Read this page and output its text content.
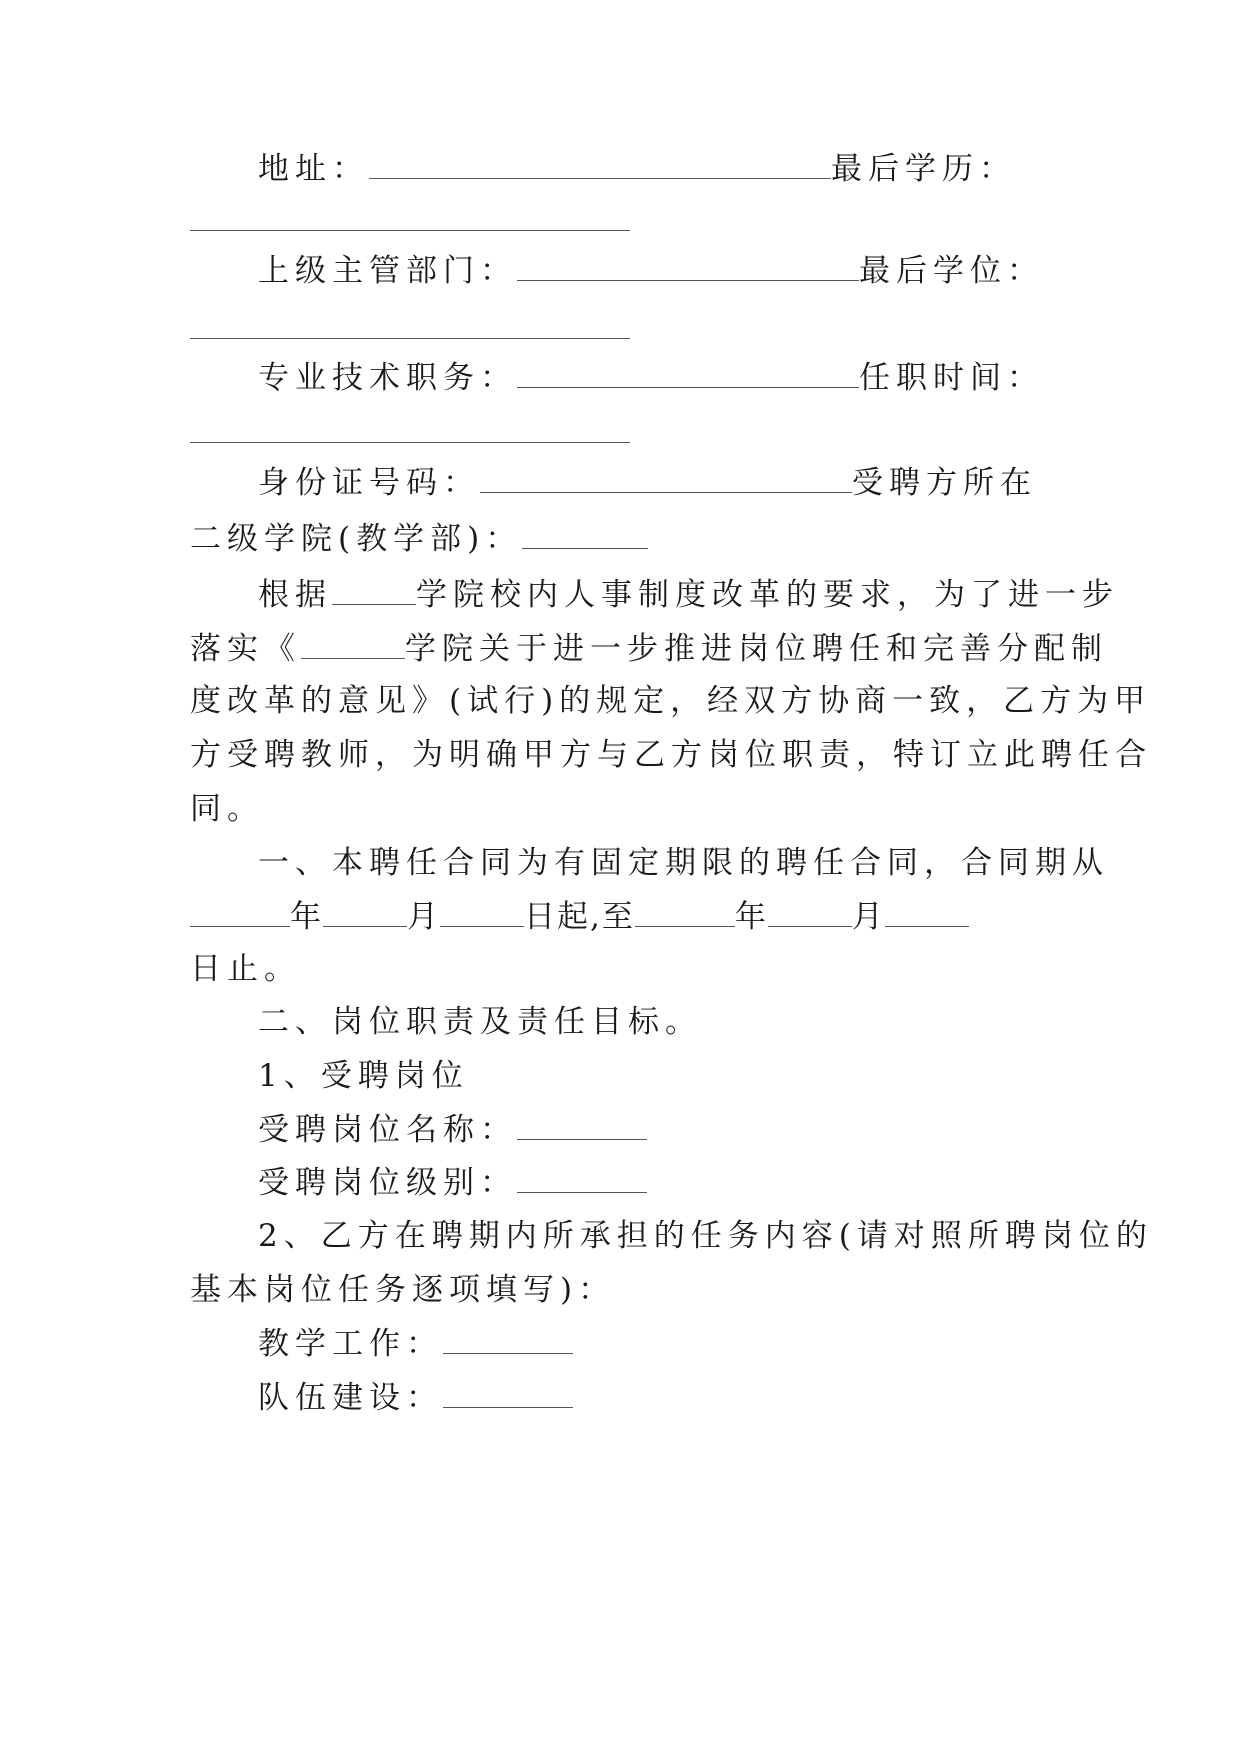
地址：	最后学历：
上级主管部门：	最后学位：
专业技术职务：	任职时间：
身份证号码：	受聘方所在
二级学院(教学部)：
根据	学院校内人事制度改革的要求，为了进一步
落实《	学院关于进一步推进岗位聘任和完善分配制
度改革的意见》(试行)的规定，经双方协商一致，乙方为甲
方受聘教师，为明确甲方与乙方岗位职责，特订立此聘任合
同。
一、本聘任合同为有固定期限的聘任合同，合同期从
年	月	日起,至	年	月
日止。
二、岗位职责及责任目标。
1、受聘岗位
受聘岗位名称：
受聘岗位级别：
2、乙方在聘期内所承担的任务内容(请对照所聘岗位的
基本岗位任务逐项填写)：
教学工作：
队伍建设：
